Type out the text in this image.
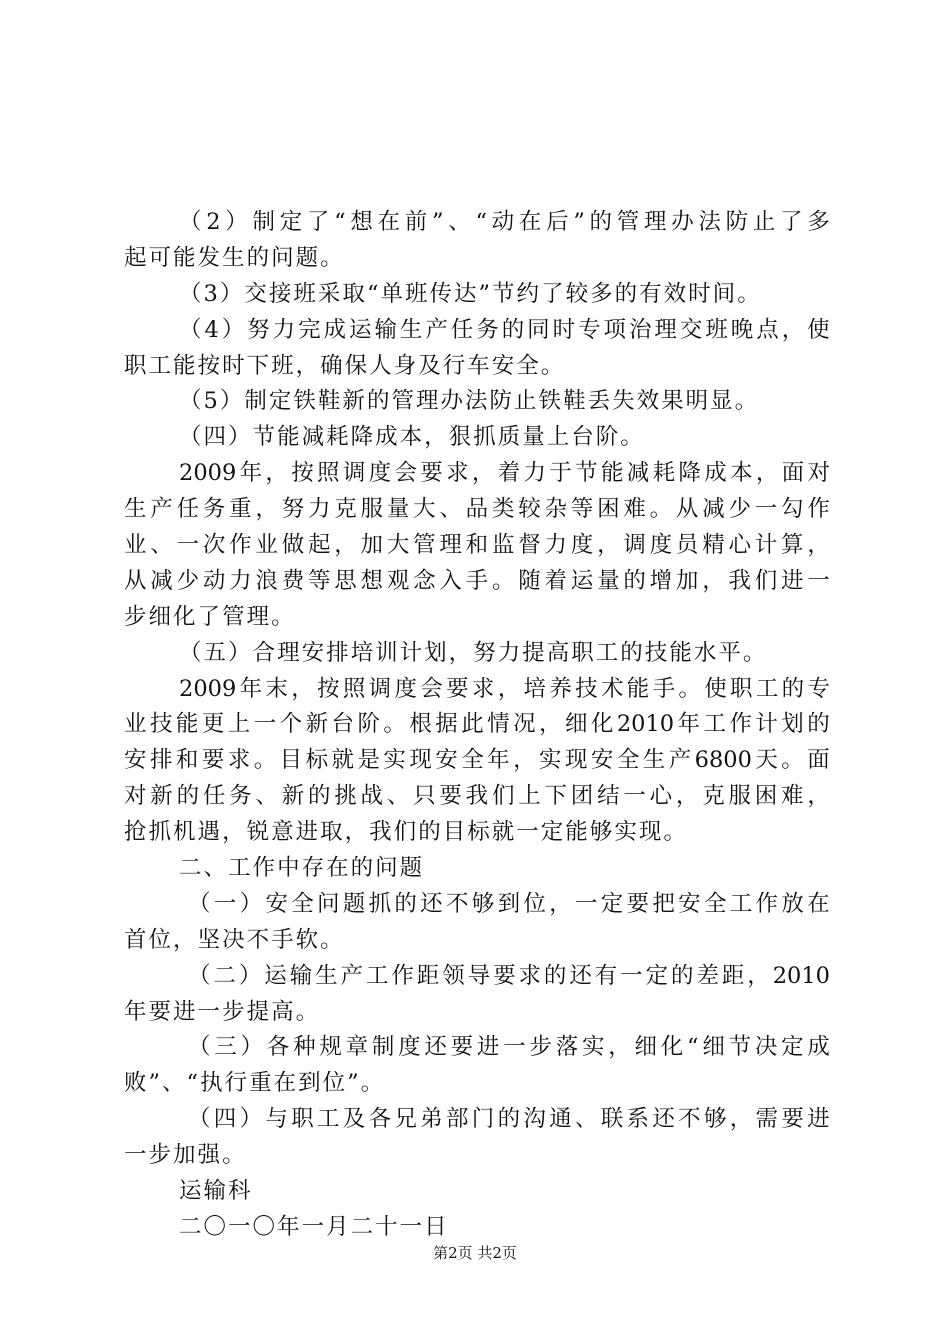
（ 2 ） 制 定 了 “ 想 在 前 ” 、 “ 动 在 后 ” 的 管 理 办 法 防 止 了 多
起 可 能 发 生 的 问 题 。
（ 3 ） 交 接 班 采 取 “ 单 班 传 达 ” 节 约 了 较 多 的 有 效 时 间 。
（ 4 ） 努 力 完 成 运 输 生 产 任 务 的 同 时 专 项 治 理 交 班 晚 点 ， 使
职 工 能 按 时 下 班 ， 确 保 人 身 及 行 车 安 全 。
（ 5 ） 制 定 铁 鞋 新 的 管 理 办 法 防 止 铁 鞋 丢 失 效 果 明 显 。
（ 四 ） 节 能 减 耗 降 成 本 ， 狠 抓 质 量 上 台 阶 。
2009 年 ， 按 照 调 度 会 要 求 ， 着 力 于 节 能 减 耗 降 成 本 ， 面 对
生 产 任 务 重 ， 努 力 克 服 量 大 、 品 类 较 杂 等 困 难 。 从 减 少 一 勾 作
业 、 一 次 作 业 做 起 ， 加 大 管 理 和 监 督 力 度 ， 调 度 员 精 心 计 算 ，
从 减 少 动 力 浪 费 等 思 想 观 念 入 手 。 随 着 运 量 的 增 加 ， 我 们 进 一
步 细 化 了 管 理 。
（ 五 ） 合 理 安 排 培 训 计 划 ， 努 力 提 高 职 工 的 技 能 水 平 。
2009 年 末 ， 按 照 调 度 会 要 求 ， 培 养 技 术 能 手 。 使 职 工 的 专
业 技 能 更 上 一 个 新 台 阶 。 根 据 此 情 况 ， 细 化 2010 年 工 作 计 划 的
安 排 和 要 求 。 目 标 就 是 实 现 安 全 年 ， 实 现 安 全 生 产 6800 天 。 面
对 新 的 任 务 、 新 的 挑 战 、 只 要 我 们 上 下 团 结 一 心 ， 克 服 困 难 ，
抢 抓 机 遇 ， 锐 意 进 取 ， 我 们 的 目 标 就 一 定 能 够 实 现 。
二 、 工 作 中 存 在 的 问 题
（ 一 ） 安 全 问 题 抓 的 还 不 够 到 位 ， 一 定 要 把 安 全 工 作 放 在
首 位 ， 坚 决 不 手 软 。
（ 二 ） 运 输 生 产 工 作 距 领 导 要 求 的 还 有 一 定 的 差 距 ， 2010
年 要 进 一 步 提 高 。
（ 三 ） 各 种 规 章 制 度 还 要 进 一 步 落 实 ， 细 化 “ 细 节 决 定 成
败 ” 、 “ 执 行 重 在 到 位 ” 。
（ 四 ） 与 职 工 及 各 兄 弟 部 门 的 沟 通 、 联 系 还 不 够 ， 需 要 进
一 步 加 强 。
运 输 科
二 〇 一 〇 年 一 月 二 十 一 日
第2页 共2页
